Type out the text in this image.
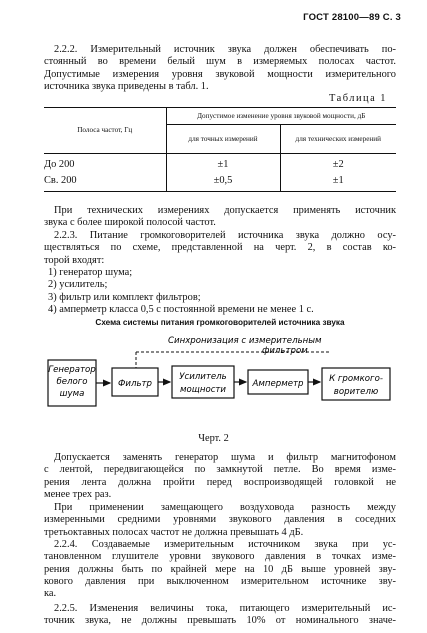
ГОСТ 28100—89 С. 3
2.2.2. Измерительный источник звука должен обеспечивать по-
стоянный во времени белый шум в измеряемых полосах частот.
Допустимые измерения уровня звуковой мощности измерительного
источника звука приведены в табл. 1.
Таблица 1
Полоса частот, Гц	Допустимое изменение уровня звуковой мощности, дБ	
	для точных измерений	для технических измерений
До 200	±1	±2
Св. 200	±0,5	±1
При технических измерениях допускается применять источник
звука с более широкой полосой частот.
2.2.3. Питание громкоговорителей источника звука должно осу-
ществляться по схеме, представленной на черт. 2, в состав ко-
торой входят:
1) генератор шума;
2) усилитель;
3) фильтр или комплект фильтров;
4) амперметр класса 0,5 с постоянной времени не менее 1 с.
Схема системы питания громкоговорителей источника звука
Синхронизация с измерительным
фильтром
Генератор
белого
шума
Фильтр
Усилитель
мощности
Амперметр	К громкого-
ворителю
Черт. 2
Допускается заменять генератор шума и фильтр магнитофоном
с лентой, передвигающейся по замкнутой петле. Во время изме-
рения лента должна пройти перед воспроизводящей головкой не
менее трех раз.
При применении замещающего воздуховода разность между
измеренными средними уровнями звукового давления в соседних
третьоктавных полосах частот не должна превышать 4 дБ.
2.2.4. Создаваемые измерительным источником звука при ус-
тановленном глушителе уровни звукового давления в точках изме-
рения должны быть по крайней мере на 10 дБ выше уровней зву-
кового давления при выключенном измерительном источнике зву-
ка.
2.2.5. Изменения величины тока, питающего измерительный ис-
точник звука, не должны превышать 10% от номинального значе-
